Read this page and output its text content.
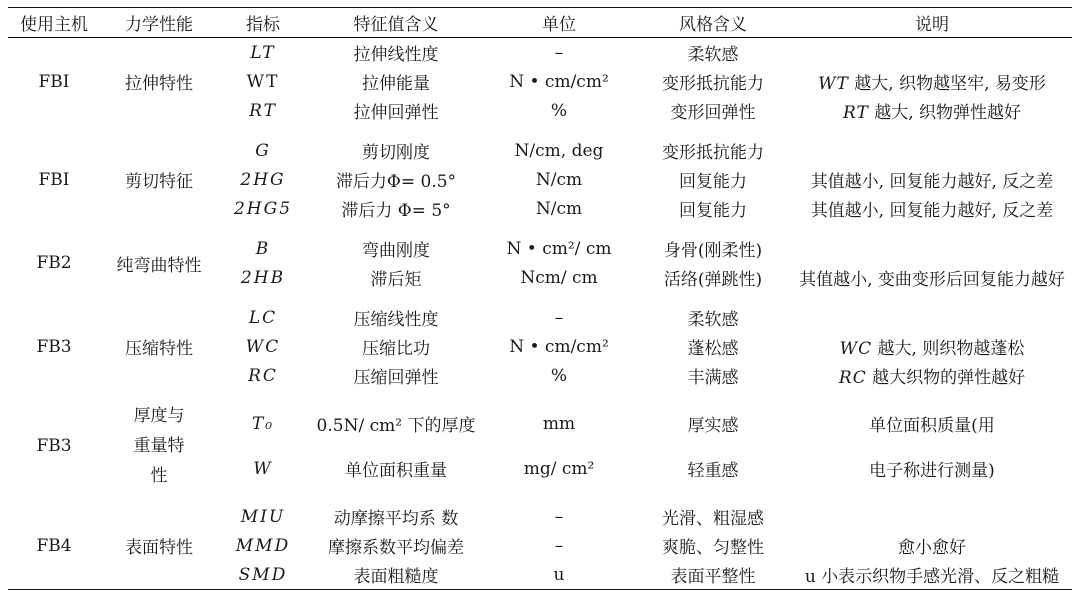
使用主机	力学性能	指标	特征值含义	单位	风格含义	说明
FBI	拉伸特性	LT	拉伸线性度	–	柔软感	
		WT	拉伸能量	N • cm/cm²	变形抵抗能力	WT 越大, 织物越坚牢, 易变形
		RT	拉伸回弹性	%	变形回弹性	RT 越大, 织物弹性越好

FBI	剪切特征	G	剪切刚度	N/cm, deg	变形抵抗能力	
		2HG	滞后力Φ= 0.5°	N/cm	回复能力	其值越小, 回复能力越好, 反之差
		2HG5	滞后力 Φ= 5°	N/cm	回复能力	其值越小, 回复能力越好, 反之差

FB2	纯弯曲特性	B	弯曲刚度	N • cm²/ cm	身骨(刚柔性)	
		2HB	滞后矩	Ncm/ cm	活络(弹跳性)	其值越小, 变曲变形后回复能力越好

FB3	压缩特性	LC	压缩线性度	–	柔软感	
		WC	压缩比功	N • cm/cm²	蓬松感	WC 越大, 则织物越蓬松
		RC	压缩回弹性	%	丰满感	RC 越大织物的弹性越好

FB3	厚度与重量特性	T₀	0.5N/ cm² 下的厚度	mm	厚实感	单位面积质量(用
		W	单位面积重量	mg/ cm²	轻重感	电子称进行测量)

FB4	表面特性	MIU	动摩擦平均系 数	–	光滑、粗湿感	
		MMD	摩擦系数平均偏差	–	爽脆、匀整性	愈小愈好
		SMD	表面粗糙度	u	表面平整性	u 小表示织物手感光滑、反之粗糙
